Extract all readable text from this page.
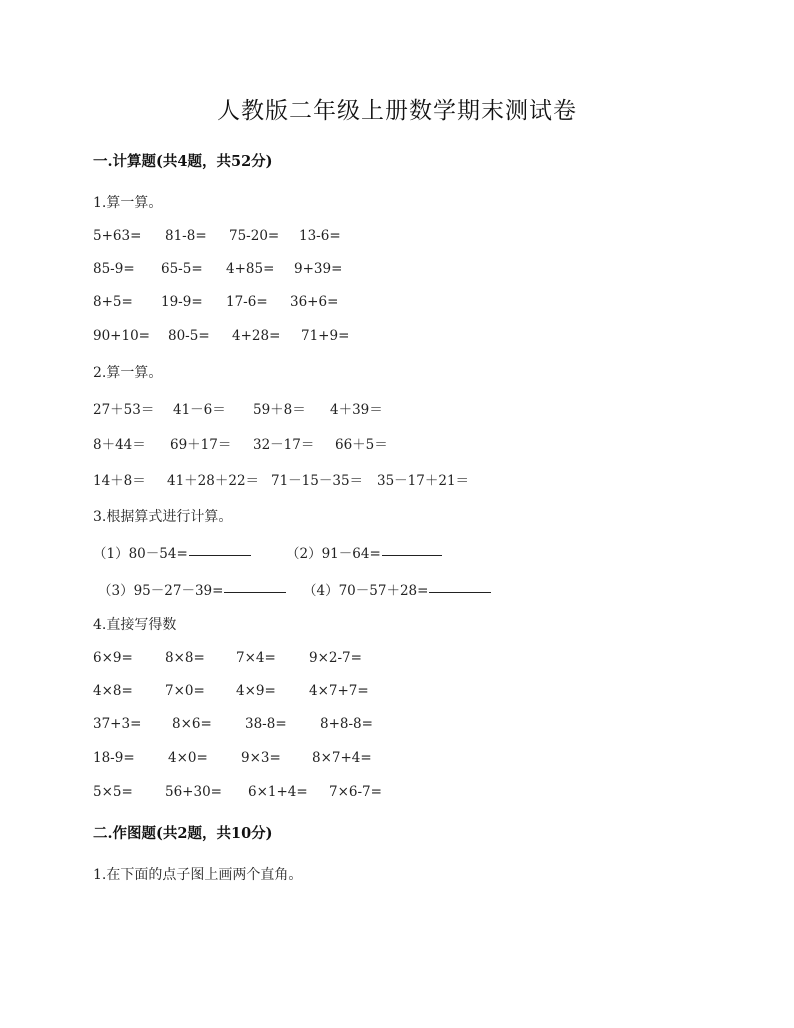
人教版二年级上册数学期末测试卷
一.计算题(共4题，共52分)
1.算一算。
5+63= 81-8= 75-20= 13-6=
85-9= 65-5= 4+85= 9+39=
8+5= 19-9= 17-6= 36+6=
90+10= 80-5= 4+28= 71+9=
2.算一算。
27＋53＝ 41－6＝ 59＋8＝ 4＋39＝
8＋44＝ 69＋17＝ 32－17＝ 66＋5＝
14＋8＝ 41＋28＋22＝ 71－15－35＝ 35－17＋21＝
3.根据算式进行计算。
（1）80－54=	（2）91－64=
（3）95－27－39=	（4）70－57＋28=
4.直接写得数
6×9= 8×8= 7×4= 9×2-7=
4×8= 7×0= 4×9= 4×7+7=
37+3= 8×6= 38-8= 8+8-8=
18-9= 4×0= 9×3= 8×7+4=
5×5= 56+30= 6×1+4= 7×6-7=
二.作图题(共2题，共10分)
1.在下面的点子图上画两个直角。
